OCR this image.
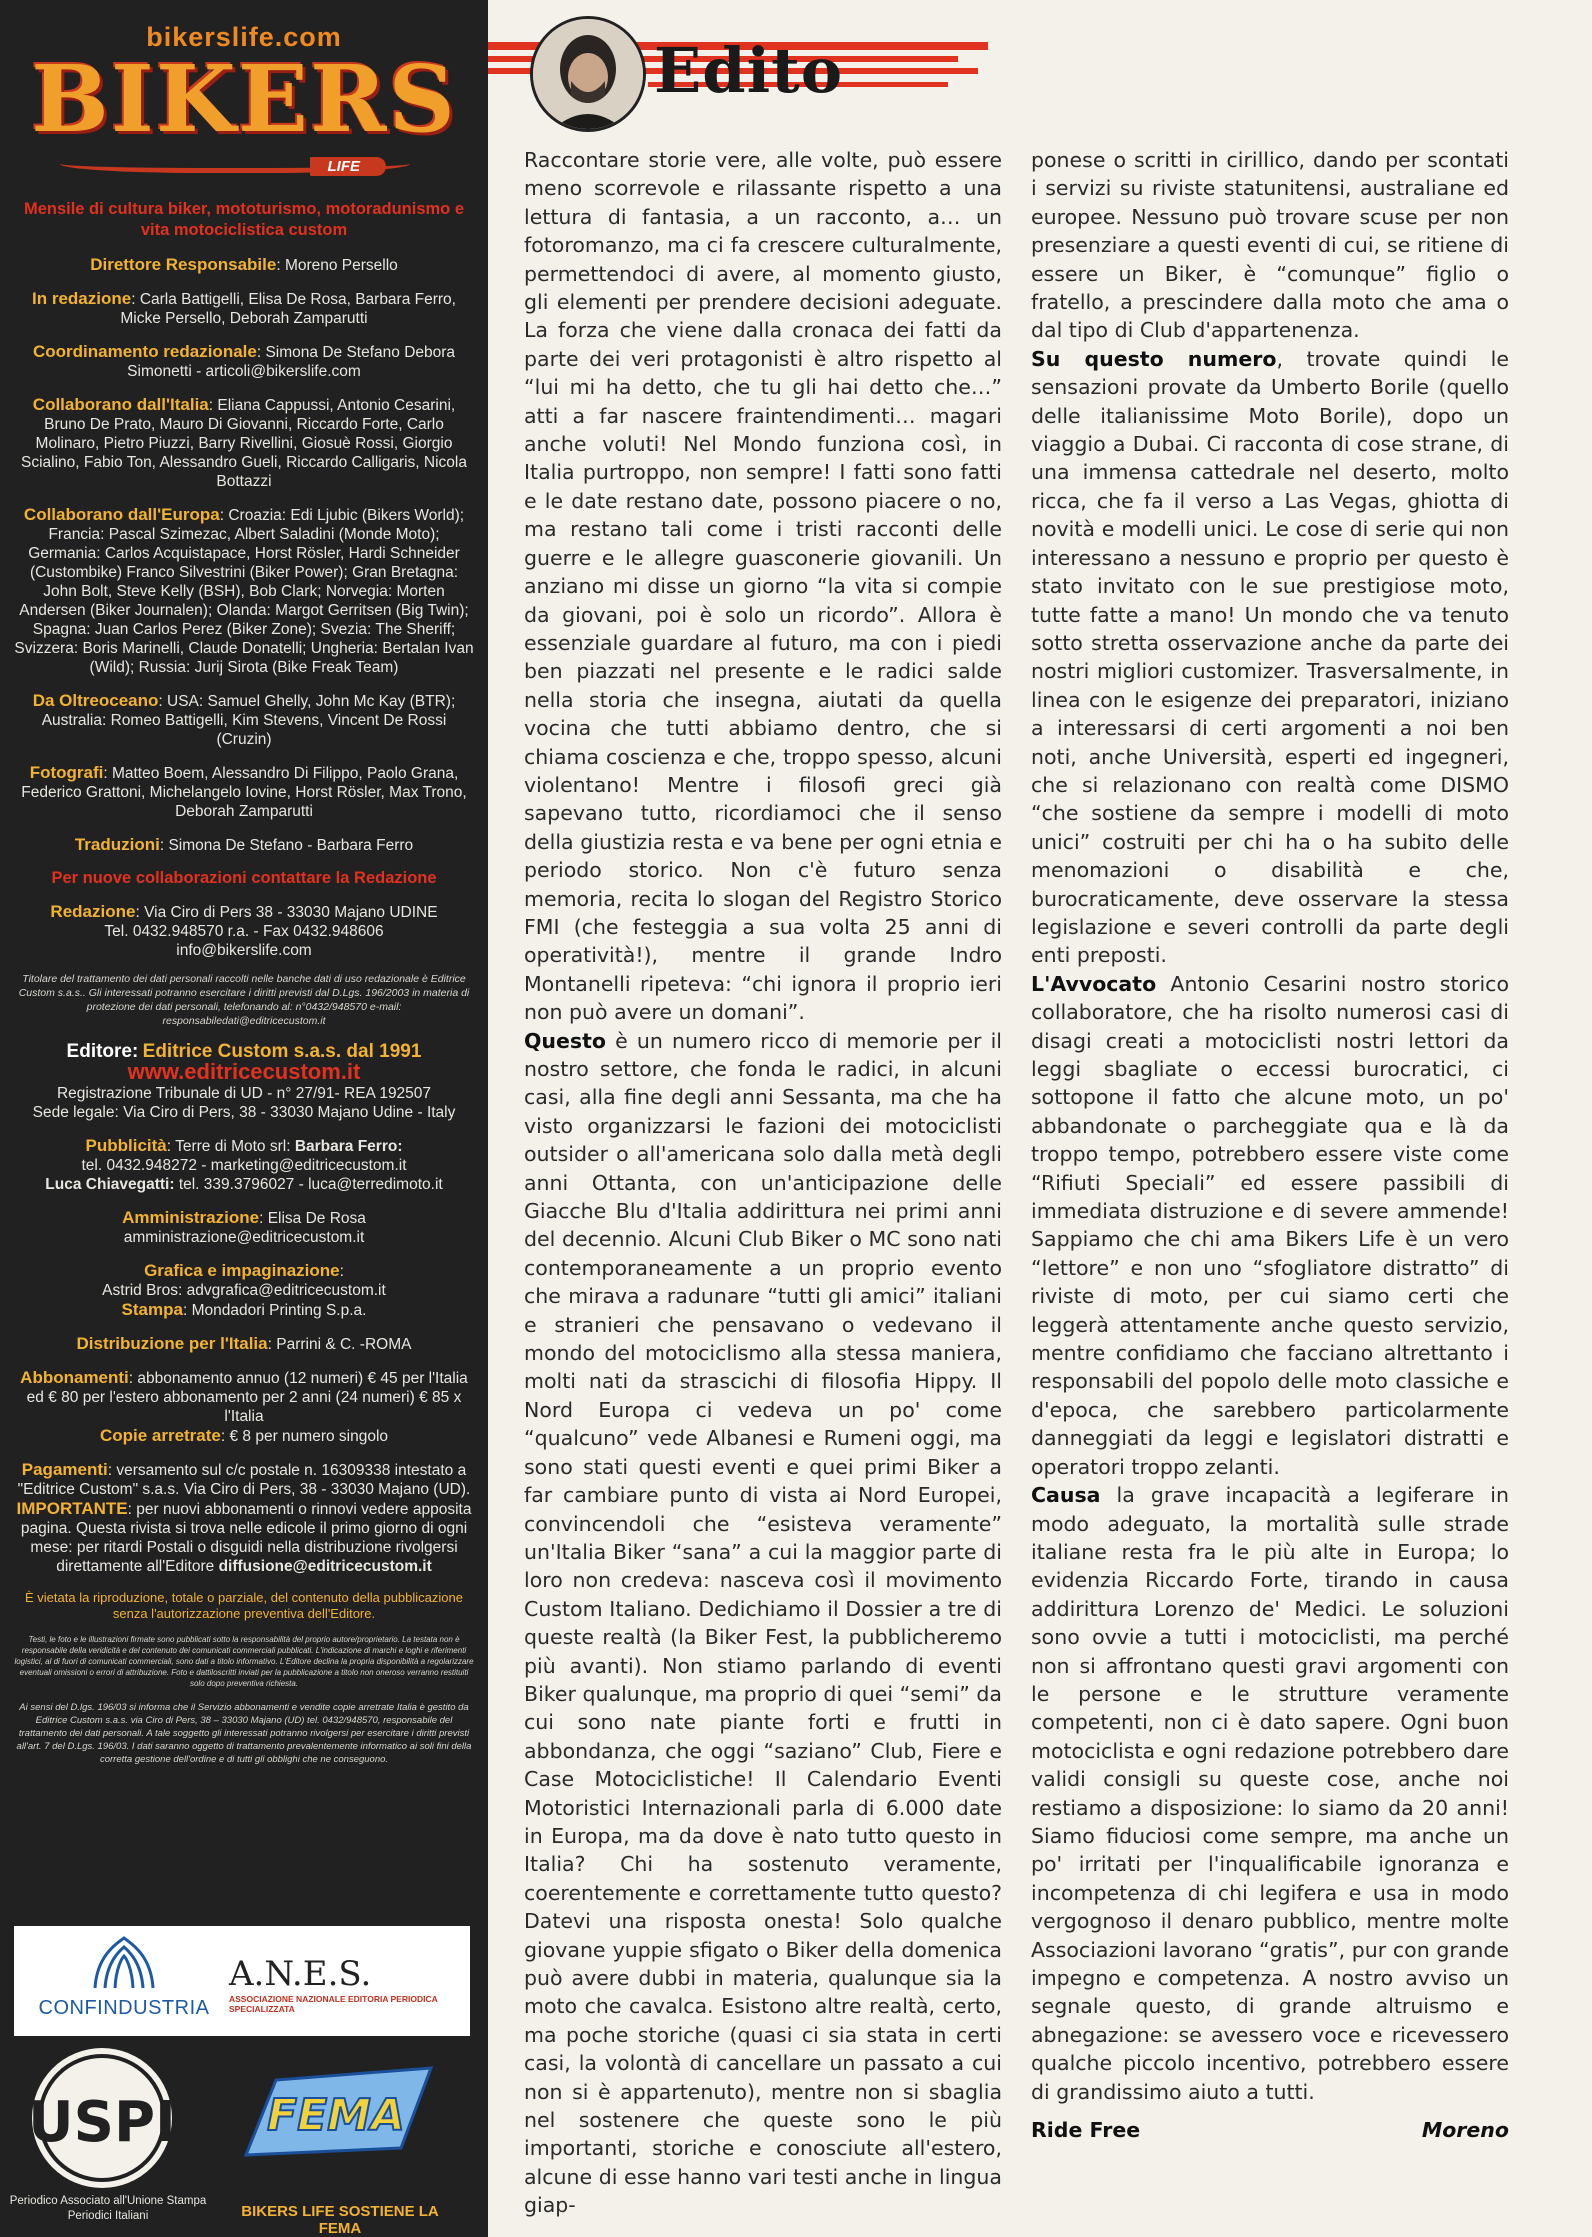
bikerslife.com
BIKERS
LIFE
Mensile di cultura biker, mototurismo, motoradunismo e vita motociclistica custom
Direttore Responsabile: Moreno Persello
In redazione: Carla Battigelli, Elisa De Rosa, Barbara Ferro, Micke Persello, Deborah Zamparutti
Coordinamento redazionale: Simona De Stefano Debora Simonetti - articoli@bikerslife.com
Collaborano dall'Italia: Eliana Cappussi, Antonio Cesarini, Bruno De Prato, Mauro Di Giovanni, Riccardo Forte, Carlo Molinaro, Pietro Piuzzi, Barry Rivellini, Giosuè Rossi, Giorgio Scialino, Fabio Ton, Alessandro Gueli, Riccardo Calligaris, Nicola Bottazzi
Collaborano dall'Europa: Croazia: Edi Ljubic (Bikers World); Francia: Pascal Szimezac, Albert Saladini (Monde Moto); Germania: Carlos Acquistapace, Horst Rösler, Hardi Schneider (Custombike) Franco Silvestrini (Biker Power); Gran Bretagna: John Bolt, Steve Kelly (BSH), Bob Clark; Norvegia: Morten Andersen (Biker Journalen); Olanda: Margot Gerritsen (Big Twin); Spagna: Juan Carlos Perez (Biker Zone); Svezia: The Sheriff; Svizzera: Boris Marinelli, Claude Donatelli; Ungheria: Bertalan Ivan (Wild); Russia: Jurij Sirota (Bike Freak Team)
Da Oltreoceano: USA: Samuel Ghelly, John Mc Kay (BTR); Australia: Romeo Battigelli, Kim Stevens, Vincent De Rossi (Cruzin)
Fotografi: Matteo Boem, Alessandro Di Filippo, Paolo Grana, Federico Grattoni, Michelangelo Iovine, Horst Rösler, Max Trono, Deborah Zamparutti
Traduzioni: Simona De Stefano - Barbara Ferro
Per nuove collaborazioni contattare la Redazione
Redazione: Via Ciro di Pers 38 - 33030 Majano UDINE
Tel. 0432.948570 r.a. - Fax 0432.948606
info@bikerslife.com
Titolare del trattamento dei dati personali raccolti nelle banche dati di uso redazionale è Editrice Custom s.a.s.. Gli interessati potranno esercitare i diritti previsti dal D.Lgs. 196/2003 in materia di protezione dei dati personali, telefonando al: n°0432/948570 e-mail: responsabiledati@editricecustom.it
Editore: Editrice Custom s.a.s. dal 1991
www.editricecustom.it
Registrazione Tribunale di UD - n° 27/91- REA 192507
Sede legale: Via Ciro di Pers, 38 - 33030 Majano Udine - Italy
Pubblicità: Terre di Moto srl: Barbara Ferro:
tel. 0432.948272 - marketing@editricecustom.it
Luca Chiavegatti: tel. 339.3796027 - luca@terredimoto.it
Amministrazione: Elisa De Rosa
amministrazione@editricecustom.it
Grafica e impaginazione:
Astrid Bros: advgrafica@editricecustom.it
Stampa: Mondadori Printing S.p.a.
Distribuzione per l'Italia: Parrini & C. -ROMA
Abbonamenti: abbonamento annuo (12 numeri) € 45 per l'Italia ed € 80 per l'estero abbonamento per 2 anni (24 numeri) € 85 x l'Italia
Copie arretrate: € 8 per numero singolo
Pagamenti: versamento sul c/c postale n. 16309338 intestato a "Editrice Custom" s.a.s. Via Ciro di Pers, 38 - 33030 Majano (UD).
IMPORTANTE: per nuovi abbonamenti o rinnovi vedere apposita pagina. Questa rivista si trova nelle edicole il primo giorno di ogni mese: per ritardi Postali o disguidi nella distribuzione rivolgersi direttamente all'Editore diffusione@editricecustom.it
È vietata la riproduzione, totale o parziale, del contenuto della pubblicazione senza l'autorizzazione preventiva dell'Editore.
Testi, le foto e le illustrazioni firmate sono pubblicati sotto la responsabilità del proprio autore/proprietario. La testata non è responsabile della veridicità e del contenuto dei comunicati commerciali pubblicati. L'indicazione di marchi e loghi e riferimenti logistici, al di fuori di comunicati commerciali, sono dati a titolo informativo. L'Editore declina la propria disponibilità a regolarizzare eventuali omissioni o errori di attribuzione. Foto e dattiloscritti inviati per la pubblicazione a titolo non oneroso verranno restituiti solo dopo preventiva richiesta.
Ai sensi del D.lgs. 196/03 si informa che il Servizio abbonamenti e vendite copie arretrate Italia è gestito da Editrice Custom s.a.s. via Ciro di Pers, 38 – 33030 Majano (UD) tel. 0432/948570, responsabile del trattamento dei dati personali. A tale soggetto gli interessati potranno rivolgersi per esercitare i diritti previsti all'art. 7 del D.Lgs. 196/03. I dati saranno oggetto di trattamento prevalentemente informatico ai soli fini della corretta gestione dell'ordine e di tutti gli obblighi che ne conseguono.
CONFINDUSTRIA
A.N.E.S.
ASSOCIAZIONE NAZIONALE EDITORIA PERIODICA SPECIALIZZATA
USPI
Periodico Associato all'Unione Stampa Periodici Italiani
FEMA
BIKERS LIFE SOSTIENE LA FEMA
Edito

Raccontare storie vere, alle volte, può essere meno scorrevole e rilassante rispetto a una lettura di fantasia, a un racconto, a… un fotoromanzo, ma ci fa crescere culturalmente, permettendoci di avere, al momento giusto, gli elementi per prendere decisioni adeguate. La forza che viene dalla cronaca dei fatti da parte dei veri protagonisti è altro rispetto al “lui mi ha detto, che tu gli hai detto che…” atti a far nascere fraintendimenti… magari anche voluti! Nel Mondo funziona così, in Italia purtroppo, non sempre! I fatti sono fatti e le date restano date, possono piacere o no, ma restano tali come i tristi racconti delle guerre e le allegre guasconerie giovanili. Un anziano mi disse un giorno “la vita si compie da giovani, poi è solo un ricordo”. Allora è essenziale guardare al futuro, ma con i piedi ben piazzati nel presente e le radici salde nella storia che insegna, aiutati da quella vocina che tutti abbiamo dentro, che si chiama coscienza e che, troppo spesso, alcuni violentano! Mentre i filosofi greci già sapevano tutto, ricordiamoci che il senso della giustizia resta e va bene per ogni etnia e periodo storico. Non c'è futuro senza memoria, recita lo slogan del Registro Storico FMI (che festeggia a sua volta 25 anni di operatività!), mentre il grande Indro Montanelli ripeteva: “chi ignora il proprio ieri non può avere un domani”.

Questo è un numero ricco di memorie per il nostro settore, che fonda le radici, in alcuni casi, alla fine degli anni Sessanta, ma che ha visto organizzarsi le fazioni dei motociclisti outsider o all'americana solo dalla metà degli anni Ottanta, con un'anticipazione delle Giacche Blu d'Italia addirittura nei primi anni del decennio. Alcuni Club Biker o MC sono nati contemporaneamente a un proprio evento che mirava a radunare “tutti gli amici” italiani e stranieri che pensavano o vedevano il mondo del motociclismo alla stessa maniera, molti nati da strascichi di filosofia Hippy. Il Nord Europa ci vedeva un po' come “qualcuno” vede Albanesi e Rumeni oggi, ma sono stati questi eventi e quei primi Biker a far cambiare punto di vista ai Nord Europei, convincendoli che “esisteva veramente” un'Italia Biker “sana” a cui la maggior parte di loro non credeva: nasceva così il movimento Custom Italiano. Dedichiamo il Dossier a tre di queste realtà (la Biker Fest, la pubblicheremo più avanti). Non stiamo parlando di eventi Biker qualunque, ma proprio di quei “semi” da cui sono nate piante forti e frutti in abbondanza, che oggi “saziano” Club, Fiere e Case Motociclistiche! Il Calendario Eventi Motoristici Internazionali parla di 6.000 date in Europa, ma da dove è nato tutto questo in Italia? Chi ha sostenuto veramente, coerentemente e correttamente tutto questo? Datevi una risposta onesta! Solo qualche giovane yuppie sfigato o Biker della domenica può avere dubbi in materia, qualunque sia la moto che cavalca. Esistono altre realtà, certo, ma poche storiche (quasi ci sia stata in certi casi, la volontà di cancellare un passato a cui non si è appartenuto), mentre non si sbaglia nel sostenere che queste sono le più importanti, storiche e conosciute all'estero, alcune di esse hanno vari testi anche in lingua giap-

ponese o scritti in cirillico, dando per scontati i servizi su riviste statunitensi, australiane ed europee. Nessuno può trovare scuse per non presenziare a questi eventi di cui, se ritiene di essere un Biker, è “comunque” figlio o fratello, a prescindere dalla moto che ama o dal tipo di Club d'appartenenza.

Su questo numero, trovate quindi le sensazioni provate da Umberto Borile (quello delle italianissime Moto Borile), dopo un viaggio a Dubai. Ci racconta di cose strane, di una immensa cattedrale nel deserto, molto ricca, che fa il verso a Las Vegas, ghiotta di novità e modelli unici. Le cose di serie qui non interessano a nessuno e proprio per questo è stato invitato con le sue prestigiose moto, tutte fatte a mano! Un mondo che va tenuto sotto stretta osservazione anche da parte dei nostri migliori customizer. Trasversalmente, in linea con le esigenze dei preparatori, iniziano a interessarsi di certi argomenti a noi ben noti, anche Università, esperti ed ingegneri, che si relazionano con realtà come DISMO “che sostiene da sempre i modelli di moto unici” costruiti per chi ha o ha subito delle menomazioni o disabilità e che, burocraticamente, deve osservare la stessa legislazione e severi controlli da parte degli enti preposti.

L'Avvocato Antonio Cesarini nostro storico collaboratore, che ha risolto numerosi casi di disagi creati a motociclisti nostri lettori da leggi sbagliate o eccessi burocratici, ci sottopone il fatto che alcune moto, un po' abbandonate o parcheggiate qua e là da troppo tempo, potrebbero essere viste come “Rifiuti Speciali” ed essere passibili di immediata distruzione e di severe ammende! Sappiamo che chi ama Bikers Life è un vero “lettore” e non uno “sfogliatore distratto” di riviste di moto, per cui siamo certi che leggerà attentamente anche questo servizio, mentre confidiamo che facciano altrettanto i responsabili del popolo delle moto classiche e d'epoca, che sarebbero particolarmente danneggiati da leggi e legislatori distratti e operatori troppo zelanti.

Causa la grave incapacità a legiferare in modo adeguato, la mortalità sulle strade italiane resta fra le più alte in Europa; lo evidenzia Riccardo Forte, tirando in causa addirittura Lorenzo de' Medici. Le soluzioni sono ovvie a tutti i motociclisti, ma perché non si affrontano questi gravi argomenti con le persone e le strutture veramente competenti, non ci è dato sapere. Ogni buon motociclista e ogni redazione potrebbero dare validi consigli su queste cose, anche noi restiamo a disposizione: lo siamo da 20 anni! Siamo fiduciosi come sempre, ma anche un po' irritati per l'inqualificabile ignoranza e incompetenza di chi legifera e usa in modo vergognoso il denaro pubblico, mentre molte Associazioni lavorano “gratis”, pur con grande impegno e competenza. A nostro avviso un segnale questo, di grande altruismo e abnegazione: se avessero voce e ricevessero qualche piccolo incentivo, potrebbero essere di grandissimo aiuto a tutti.

Ride Free	Moreno
